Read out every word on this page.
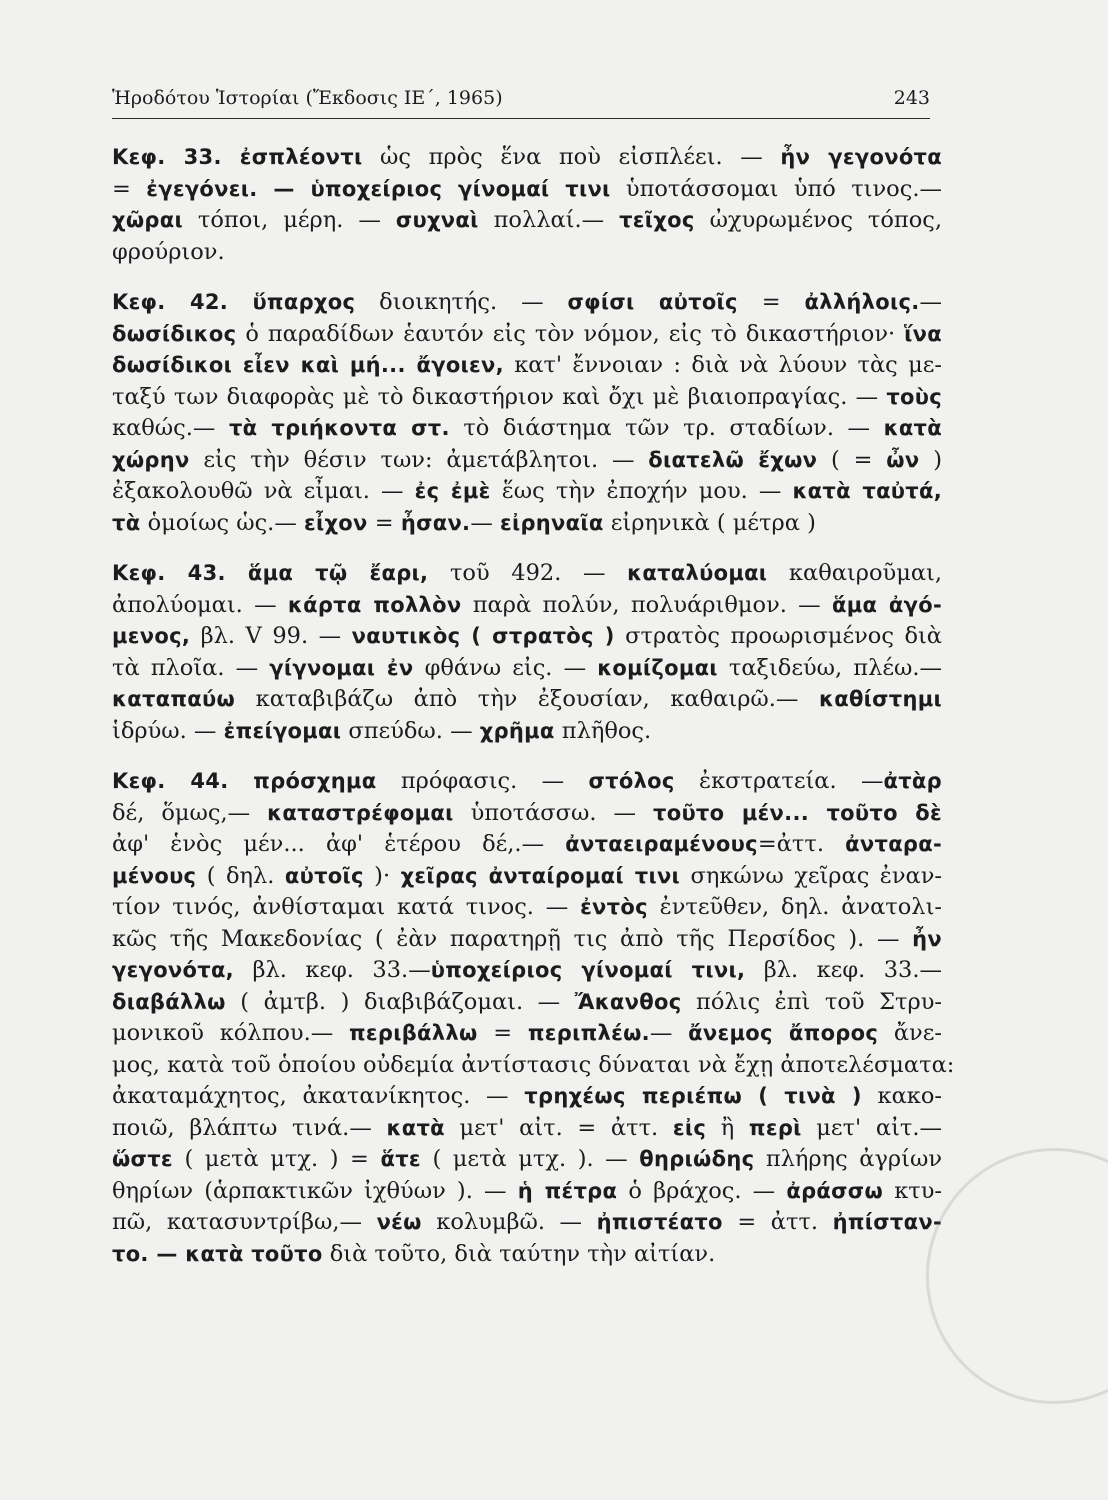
Ἡροδότου Ἱστορίαι (Ἔκδοσις ΙΕ΄, 1965)	243
Κεφ. 33. ἐσπλέοντι ὡς πρὸς ἕνα ποὺ εἰσπλέει. — ἦν γεγονότα
= ἐγεγόνει. — ὑποχείριος γίνομαί τινι ὑποτάσσομαι ὑπό τινος.—
χῶραι τόποι, μέρη. — συχναὶ πολλαί.— τεῖχος ὠχυρωμένος τόπος,
φρούριον.
Κεφ. 42. ὕπαρχος διοικητής. — σφίσι αὐτοῖς = ἀλλήλοις.—
δωσίδικος ὁ παραδίδων ἑαυτόν εἰς τὸν νόμον, εἰς τὸ δικαστήριον· ἵνα
δωσίδικοι εἶεν καὶ μή... ἄγοιεν, κατ' ἔννοιαν : διὰ νὰ λύουν τὰς με-
ταξύ των διαφορὰς μὲ τὸ δικαστήριον καὶ ὄχι μὲ βιαιοπραγίας. — τοὺς
καθώς.— τὰ τριήκοντα στ. τὸ διάστημα τῶν τρ. σταδίων. — κατὰ
χώρην εἰς τὴν θέσιν των: ἀμετάβλητοι. — διατελῶ ἔχων ( = ὦν )
ἐξακολουθῶ νὰ εἶμαι. — ἐς ἐμὲ ἕως τὴν ἐποχήν μου. — κατὰ ταὐτά,
τὰ ὁμοίως ὡς.— εἶχον = ἦσαν.— εἰρηναῖα εἰρηνικὰ ( μέτρα )
Κεφ. 43. ἅμα τῷ ἔαρι, τοῦ 492. — καταλύομαι καθαιροῦμαι,
ἀπολύομαι. — κάρτα πολλὸν παρὰ πολύν, πολυάριθμον. — ἅμα ἀγό-
μενος, βλ. V 99. — ναυτικὸς ( στρατὸς ) στρατὸς προωρισμένος διὰ
τὰ πλοῖα. — γίγνομαι ἐν φθάνω εἰς. — κομίζομαι ταξιδεύω, πλέω.—
καταπαύω καταβιβάζω ἀπὸ τὴν ἐξουσίαν, καθαιρῶ.— καθίστημι
ἱδρύω. — ἐπείγομαι σπεύδω. — χρῆμα πλῆθος.
Κεφ. 44. πρόσχημα πρόφασις. — στόλος ἐκστρατεία. —ἀτὰρ
δέ, ὅμως,— καταστρέφομαι ὑποτάσσω. — τοῦτο μέν... τοῦτο δὲ
ἀφ' ἑνὸς μέν... ἀφ' ἑτέρου δέ,.— ἀνταειραμένους=ἀττ. ἀνταρα-
μένους ( δηλ. αὐτοῖς )· χεῖρας ἀνταίρομαί τινι σηκώνω χεῖρας ἐναν-
τίον τινός, ἀνθίσταμαι κατά τινος. — ἐντὸς ἐντεῦθεν, δηλ. ἀνατολι-
κῶς τῆς Μακεδονίας ( ἐὰν παρατηρῇ τις ἀπὸ τῆς Περσίδος ). — ἦν
γεγονότα, βλ. κεφ. 33.—ὑποχείριος γίνομαί τινι, βλ. κεφ. 33.—
διαβάλλω ( ἀμτβ. ) διαβιβάζομαι. — Ἄκανθος πόλις ἐπὶ τοῦ Στρυ-
μονικοῦ κόλπου.— περιβάλλω = περιπλέω.— ἄνεμος ἄπορος ἄνε-
μος, κατὰ τοῦ ὁποίου οὐδεμία ἀντίστασις δύναται νὰ ἔχῃ ἀποτελέσματα:
ἀκαταμάχητος, ἀκατανίκητος. — τρηχέως περιέπω ( τινὰ ) κακο-
ποιῶ, βλάπτω τινά.— κατὰ μετ' αἰτ. = ἀττ. εἰς ἢ περὶ μετ' αἰτ.—
ὥστε ( μετὰ μτχ. ) = ἅτε ( μετὰ μτχ. ). — θηριώδης πλήρης ἀγρίων
θηρίων (ἁρπακτικῶν ἰχθύων ). — ἡ πέτρα ὁ βράχος. — ἀράσσω κτυ-
πῶ, κατασυντρίβω,— νέω κολυμβῶ. — ἠπιστέατο = ἀττ. ἠπίσταν-
το. — κατὰ τοῦτο διὰ τοῦτο, διὰ ταύτην τὴν αἰτίαν.
